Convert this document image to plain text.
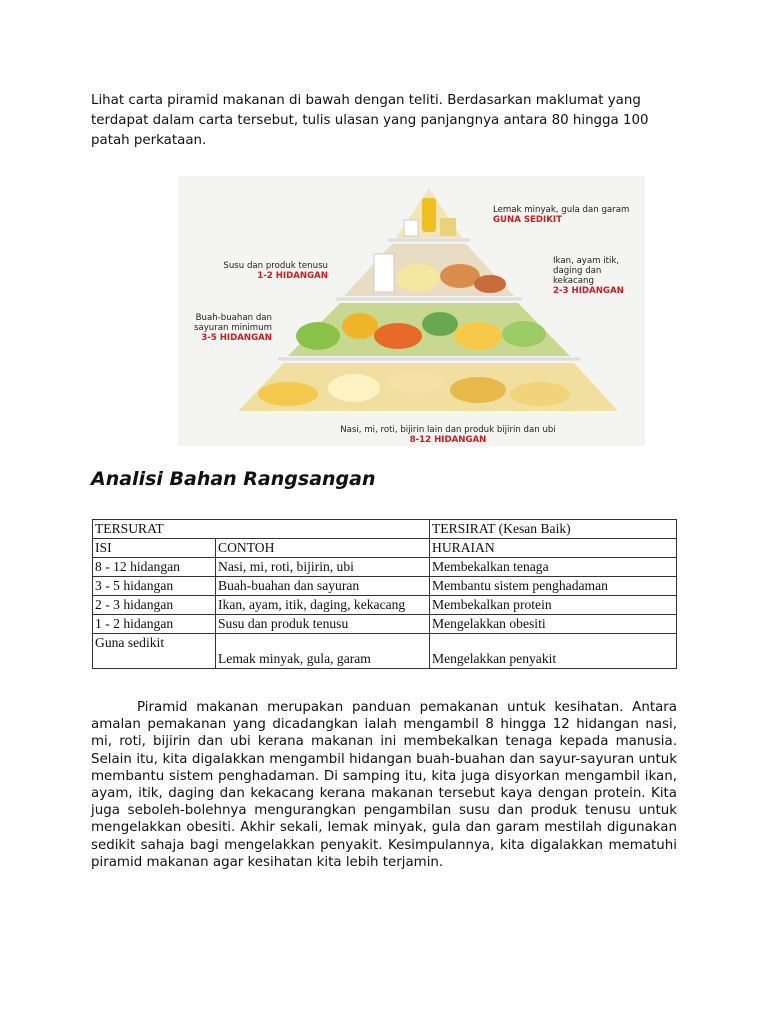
Lihat carta piramid makanan di bawah dengan teliti. Berdasarkan maklumat yang terdapat dalam carta tersebut, tulis ulasan yang panjangnya antara 80 hingga 100 patah perkataan.

Lemak minyak, gula dan garam
GUNA SEDIKIT
Susu dan produk tenusu
1-2 HIDANGAN
Ikan, ayam itik, daging dan kekacang
2-3 HIDANGAN
Buah-buahan dan sayuran minimum
3-5 HIDANGAN
Nasi, mi, roti, bijirin lain dan produk bijirin dan ubi
8-12 HIDANGAN
Analisi Bahan Rangsangan
TERSURAT		TERSIRAT (Kesan Baik)
ISI	CONTOH	HURAIAN
8 - 12 hidangan	Nasi, mi, roti, bijirin, ubi	Membekalkan tenaga
3 - 5 hidangan	Buah-buahan dan sayuran	Membantu sistem penghadaman
2 - 3 hidangan	Ikan, ayam, itik, daging, kekacang	Membekalkan protein
1 - 2 hidangan	Susu dan produk tenusu	Mengelakkan obesiti
Guna sedikit	Lemak minyak, gula, garam	Mengelakkan penyakit

Piramid makanan merupakan panduan pemakanan untuk kesihatan. Antara amalan pemakanan yang dicadangkan ialah mengambil 8 hingga 12 hidangan nasi, mi, roti, bijirin dan ubi kerana makanan ini membekalkan tenaga kepada manusia. Selain itu, kita digalakkan mengambil hidangan buah-buahan dan sayur-sayuran untuk membantu sistem penghadaman. Di samping itu, kita juga disyorkan mengambil ikan, ayam, itik, daging dan kekacang kerana makanan tersebut kaya dengan protein. Kita juga seboleh-bolehnya mengurangkan pengambilan susu dan produk tenusu untuk mengelakkan obesiti. Akhir sekali, lemak minyak, gula dan garam mestilah digunakan sedikit sahaja bagi mengelakkan penyakit. Kesimpulannya, kita digalakkan mematuhi piramid makanan agar kesihatan kita lebih terjamin.
